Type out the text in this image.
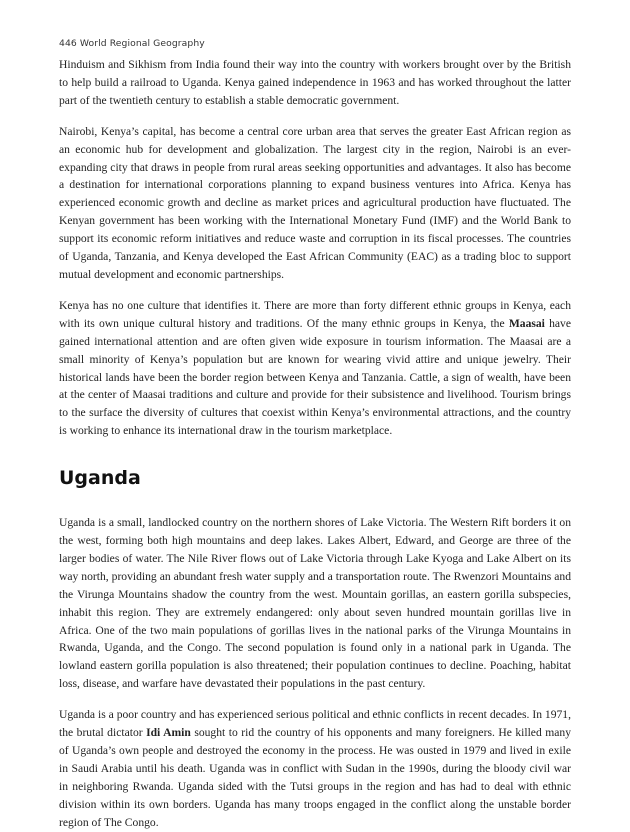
446 World Regional Geography

Hinduism and Sikhism from India found their way into the country with workers brought over by the British to help build a railroad to Uganda. Kenya gained independence in 1963 and has worked throughout the latter part of the twentieth century to establish a stable democratic government.

Nairobi, Kenya’s capital, has become a central core urban area that serves the greater East African region as an economic hub for development and globalization. The largest city in the region, Nairobi is an ever-expanding city that draws in people from rural areas seeking opportunities and advantages. It also has become a destination for international corporations planning to expand business ventures into Africa. Kenya has experienced economic growth and decline as market prices and agricultural production have fluctuated. The Kenyan government has been working with the International Monetary Fund (IMF) and the World Bank to support its economic reform initiatives and reduce waste and corruption in its fiscal processes. The countries of Uganda, Tanzania, and Kenya developed the East African Community (EAC) as a trading bloc to support mutual development and economic partnerships.

Kenya has no one culture that identifies it. There are more than forty different ethnic groups in Kenya, each with its own unique cultural history and traditions. Of the many ethnic groups in Kenya, the Maasai have gained international attention and are often given wide exposure in tourism information. The Maasai are a small minority of Kenya’s population but are known for wearing vivid attire and unique jewelry. Their historical lands have been the border region between Kenya and Tanzania. Cattle, a sign of wealth, have been at the center of Maasai traditions and culture and provide for their subsistence and livelihood. Tourism brings to the surface the diversity of cultures that coexist within Kenya’s environmental attractions, and the country is working to enhance its international draw in the tourism marketplace.

Uganda

Uganda is a small, landlocked country on the northern shores of Lake Victoria. The Western Rift borders it on the west, forming both high mountains and deep lakes. Lakes Albert, Edward, and George are three of the larger bodies of water. The Nile River flows out of Lake Victoria through Lake Kyoga and Lake Albert on its way north, providing an abundant fresh water supply and a transportation route. The Rwenzori Mountains and the Virunga Mountains shadow the country from the west. Mountain gorillas, an eastern gorilla subspecies, inhabit this region. They are extremely endangered: only about seven hundred mountain gorillas live in Africa. One of the two main populations of gorillas lives in the national parks of the Virunga Mountains in Rwanda, Uganda, and the Congo. The second population is found only in a national park in Uganda. The lowland eastern gorilla population is also threatened; their population continues to decline. Poaching, habitat loss, disease, and warfare have devastated their populations in the past century.

Uganda is a poor country and has experienced serious political and ethnic conflicts in recent decades. In 1971, the brutal dictator Idi Amin sought to rid the country of his opponents and many foreigners. He killed many of Uganda’s own people and destroyed the economy in the process. He was ousted in 1979 and lived in exile in Saudi Arabia until his death. Uganda was in conflict with Sudan in the 1990s, during the bloody civil war in neighboring Rwanda. Uganda sided with the Tutsi groups in the region and has had to deal with ethnic division within its own borders. Uganda has many troops engaged in the conflict along the unstable border region of The Congo.
